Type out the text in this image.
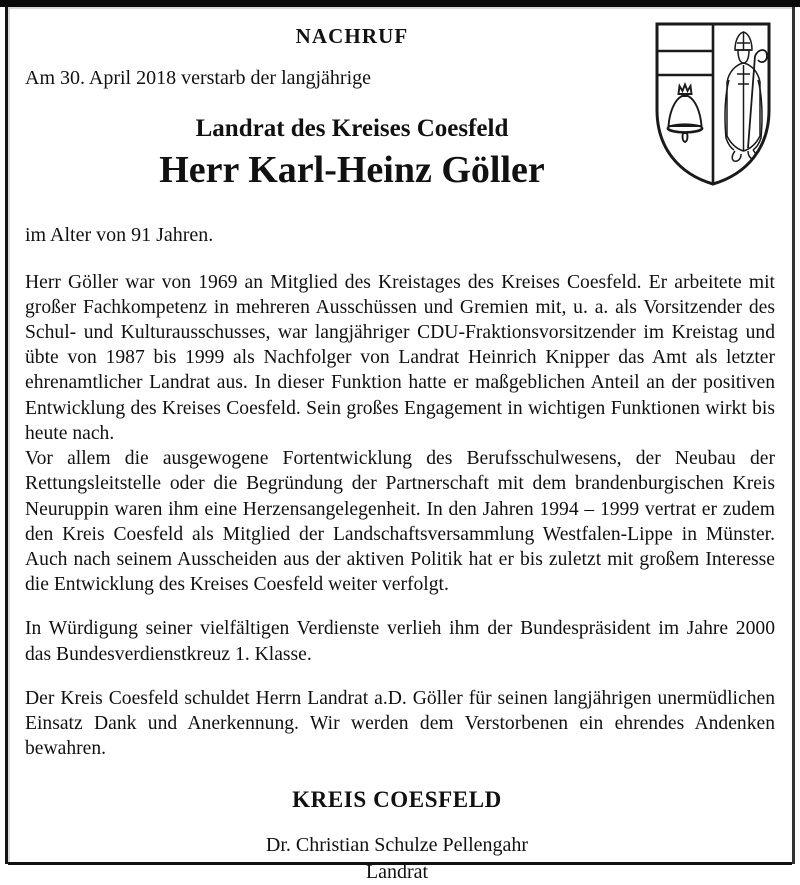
NACHRUF

Am 30. April 2018 verstarb der langjährige

Landrat des Kreises Coesfeld
Herr Karl-Heinz Göller

im Alter von 91 Jahren.

Herr Göller war von 1969 an Mitglied des Kreistages des Kreises Coesfeld. Er arbeitete mit großer Fachkompetenz in mehreren Ausschüssen und Gremien mit, u. a. als Vorsitzender des Schul- und Kulturausschusses, war langjähriger CDU-Fraktionsvorsitzender im Kreistag und übte von 1987 bis 1999 als Nachfolger von Landrat Heinrich Knipper das Amt als letzter ehrenamtlicher Landrat aus. In dieser Funktion hatte er maßgeblichen Anteil an der positiven Entwicklung des Kreises Coesfeld. Sein großes Engagement in wichtigen Funktionen wirkt bis heute nach.

Vor allem die ausgewogene Fortentwicklung des Berufsschulwesens, der Neubau der Rettungsleitstelle oder die Begründung der Partnerschaft mit dem brandenburgischen Kreis Neuruppin waren ihm eine Herzensangelegenheit. In den Jahren 1994 – 1999 vertrat er zudem den Kreis Coesfeld als Mitglied der Landschaftsversammlung Westfalen-Lippe in Münster. Auch nach seinem Ausscheiden aus der aktiven Politik hat er bis zuletzt mit großem Interesse die Entwicklung des Kreises Coesfeld weiter verfolgt.

In Würdigung seiner vielfältigen Verdienste verlieh ihm der Bundespräsident im Jahre 2000 das Bundesverdienstkreuz 1. Klasse.

Der Kreis Coesfeld schuldet Herrn Landrat a.D. Göller für seinen langjährigen unermüdlichen Einsatz Dank und Anerkennung. Wir werden dem Verstorbenen ein ehrendes Andenken bewahren.

KREIS COESFELD

Dr. Christian Schulze Pellengahr

Landrat
